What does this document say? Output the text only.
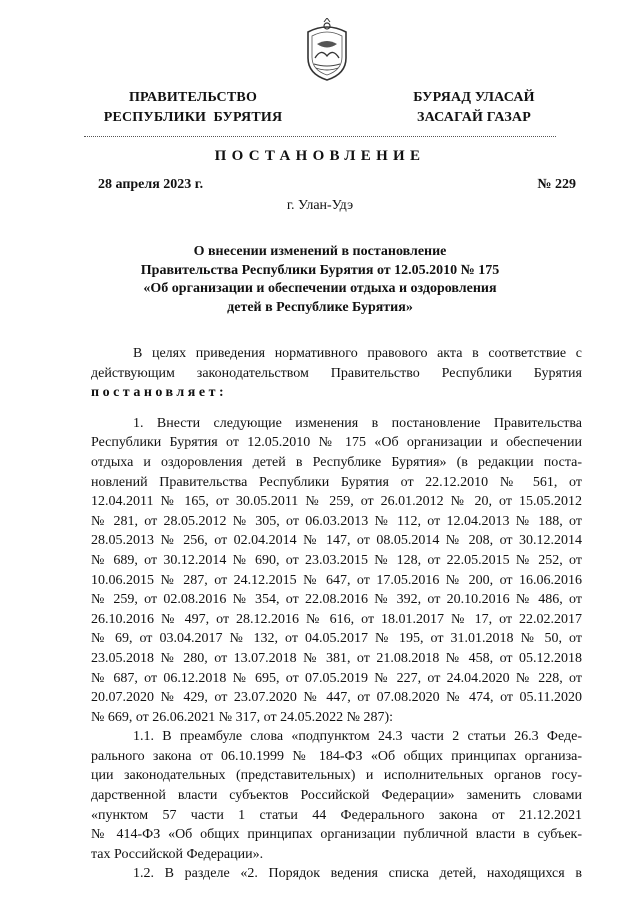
ПРАВИТЕЛЬСТВО
РЕСПУБЛИКИ  БУРЯТИЯ
БУРЯАД УЛАСАЙ
ЗАСАГАЙ ГАЗАР
ПОСТАНОВЛЕНИЕ
28 апреля 2023 г.	№ 229
г. Улан-Удэ
О внесении изменений в постановление
Правительства Республики Бурятия от 12.05.2010 № 175
«Об организации и обеспечении отдыха и оздоровления
детей в Республике Бурятия»
В целях приведения нормативного правового акта в соответствие с
действующим законодательством Правительство Республики Бурятия
постановляет:
1. Внести следующие изменения в постановление Правительства
Республики Бурятия от 12.05.2010 № 175 «Об организации и обеспечении
отдыха и оздоровления детей в Республике Бурятия» (в редакции поста-
новлений Правительства Республики Бурятия от 22.12.2010 № 561, от
12.04.2011 № 165, от 30.05.2011 № 259, от 26.01.2012 № 20, от 15.05.2012
№ 281, от 28.05.2012 № 305, от 06.03.2013 № 112, от 12.04.2013 № 188, от
28.05.2013 № 256, от 02.04.2014 № 147, от 08.05.2014 № 208, от 30.12.2014
№ 689, от 30.12.2014 № 690, от 23.03.2015 № 128, от 22.05.2015 № 252, от
10.06.2015 № 287, от 24.12.2015 № 647, от 17.05.2016 № 200, от 16.06.2016
№ 259, от 02.08.2016 № 354, от 22.08.2016 № 392, от 20.10.2016 № 486, от
26.10.2016 № 497, от 28.12.2016 № 616, от 18.01.2017 № 17, от 22.02.2017
№ 69, от 03.04.2017 № 132, от 04.05.2017 № 195, от 31.01.2018 № 50, от
23.05.2018 № 280, от 13.07.2018 № 381, от 21.08.2018 № 458, от 05.12.2018
№ 687, от 06.12.2018 № 695, от 07.05.2019 № 227, от 24.04.2020 № 228, от
20.07.2020 № 429, от 23.07.2020 № 447, от 07.08.2020 № 474, от 05.11.2020
№ 669, от 26.06.2021 № 317, от 24.05.2022 № 287):
1.1. В преамбуле слова «подпунктом 24.3 части 2 статьи 26.3 Феде-
рального закона от 06.10.1999 № 184-ФЗ «Об общих принципах организа-
ции законодательных (представительных) и исполнительных органов госу-
дарственной власти субъектов Российской Федерации» заменить словами
«пунктом 57 части 1 статьи 44 Федерального закона от 21.12.2021
№ 414-ФЗ «Об общих принципах организации публичной власти в субъек-
тах Российской Федерации».
1.2. В разделе «2. Порядок ведения списка детей, находящихся в
